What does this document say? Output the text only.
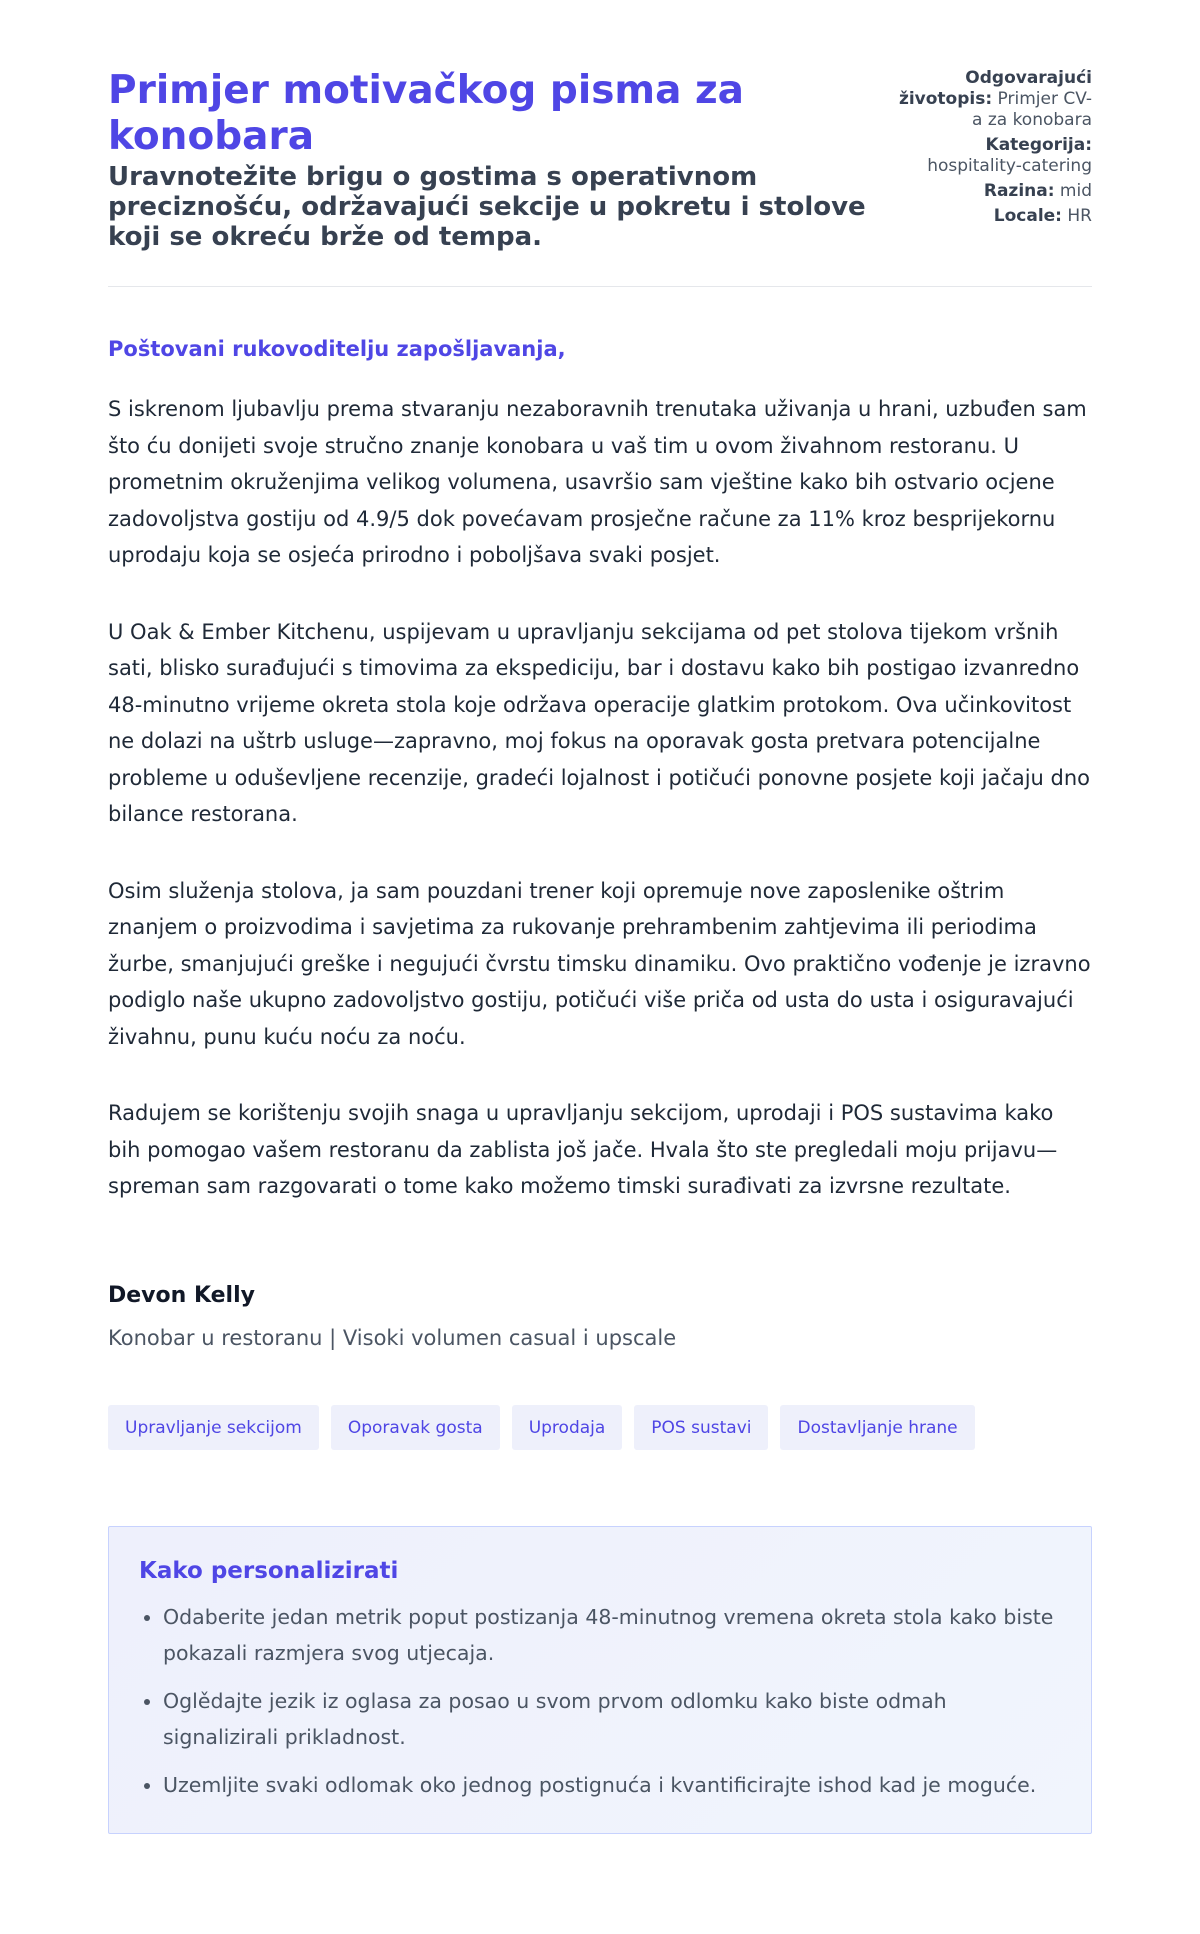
Primjer motivačkog pisma za konobara
Uravnotežite brigu o gostima s operativnom preciznošću, održavajući sekcije u pokretu i stolove koji se okreću brže od tempa.
Odgovarajući životopis: Primjer CV-a za konobara
Kategorija: hospitality-catering
Razina: mid
Locale: HR

Poštovani rukovoditelju zapošljavanja,

S iskrenom ljubavlju prema stvaranju nezaboravnih trenutaka uživanja u hrani, uzbuđen sam što ću donijeti svoje stručno znanje konobara u vaš tim u ovom živahnom restoranu. U prometnim okruženjima velikog volumena, usavršio sam vještine kako bih ostvario ocjene zadovoljstva gostiju od 4.9/5 dok povećavam prosječne račune za 11% kroz besprijekornu uprodaju koja se osjeća prirodno i poboljšava svaki posjet.

U Oak & Ember Kitchenu, uspijevam u upravljanju sekcijama od pet stolova tijekom vršnih sati, blisko surađujući s timovima za ekspediciju, bar i dostavu kako bih postigao izvanredno 48-minutno vrijeme okreta stola koje održava operacije glatkim protokom. Ova učinkovitost ne dolazi na uštrb usluge—zapravno, moj fokus na oporavak gosta pretvara potencijalne probleme u oduševljene recenzije, gradeći lojalnost i potičući ponovne posjete koji jačaju dno bilance restorana.

Osim služenja stolova, ja sam pouzdani trener koji opremuje nove zaposlenike oštrim znanjem o proizvodima i savjetima za rukovanje prehrambenim zahtjevima ili periodima žurbe, smanjujući greške i negujući čvrstu timsku dinamiku. Ovo praktično vođenje je izravno podiglo naše ukupno zadovoljstvo gostiju, potičući više priča od usta do usta i osiguravajući živahnu, punu kuću noću za noću.

Radujem se korištenju svojih snaga u upravljanju sekcijom, uprodaji i POS sustavima kako bih pomogao vašem restoranu da zablista još jače. Hvala što ste pregledali moju prijavu—spreman sam razgovarati o tome kako možemo timski surađivati za izvrsne rezultate.

Devon Kelly
Konobar u restoranu | Visoki volumen casual i upscale
Upravljanje sekcijom	Oporavak gosta	Uprodaja	POS sustavi	Dostavljanje hrane
Kako personalizirati
• Odaberite jedan metrik poput postizanja 48-minutnog vremena okreta stola kako biste pokazali razmjera svog utjecaja.
• Oglědajte jezik iz oglasa za posao u svom prvom odlomku kako biste odmah signalizirali prikladnost.
• Uzemljite svaki odlomak oko jednog postignuća i kvantificirajte ishod kad je moguće.
